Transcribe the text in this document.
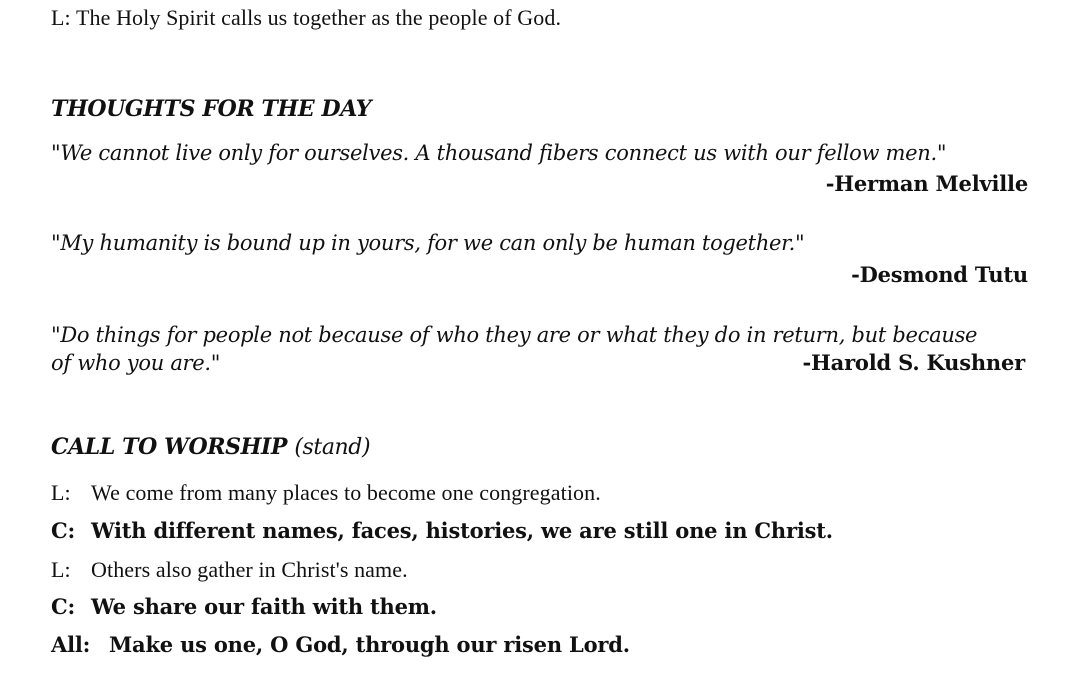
L: The Holy Spirit calls us together as the people of God.
THOUGHTS FOR THE DAY
"We cannot live only for ourselves. A thousand fibers connect us with our fellow men."
-Herman Melville
"My humanity is bound up in yours, for we can only be human together."
-Desmond Tutu
"Do things for people not because of who they are or what they do in return, but because
of who you are."	-Harold S. Kushner
CALL TO WORSHIP (stand)
L: We come from many places to become one congregation.
C: With different names, faces, histories, we are still one in Christ.
L: Others also gather in Christ's name.
C: We share our faith with them.
All: Make us one, O God, through our risen Lord.
